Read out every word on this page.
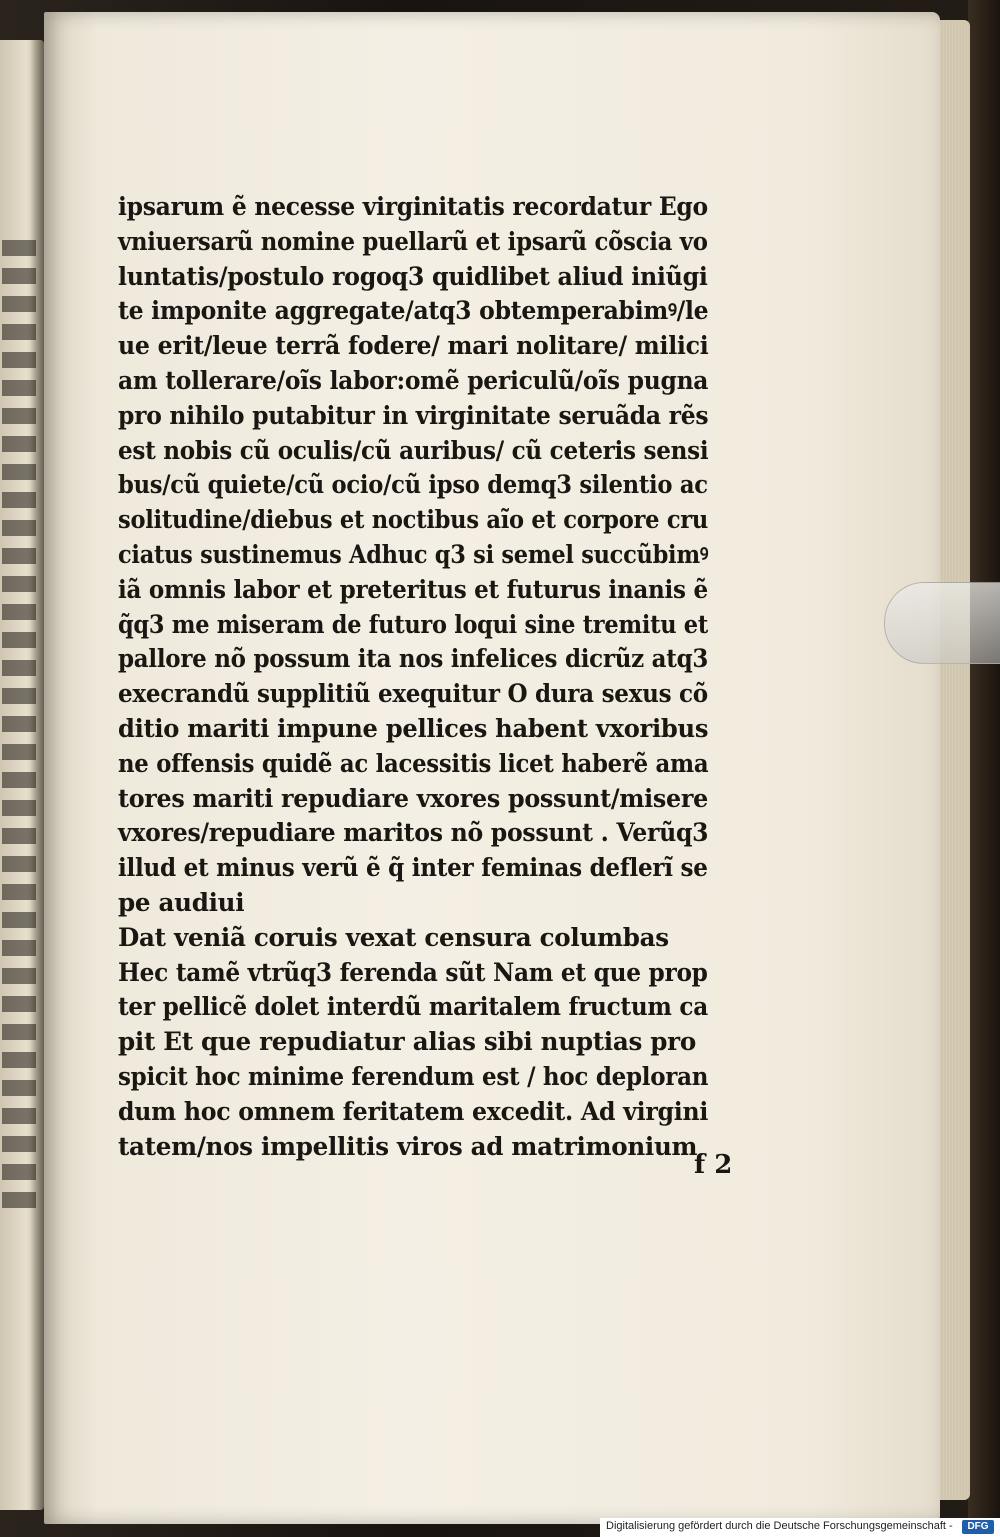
ipsarum ẽ necesse virginitatis recordatur Ego
vniuersarũ nomine puellarũ et ipsarũ cõscia vo
luntatis/postulo rogoq3 quidlibet aliud iniũgi
te imponite aggregate/atq3 obtemperabimꝰ/le
ue erit/leue terrã fodere/ mari nolitare/ milici
am tollerare/oĩs labor:omẽ periculũ/oĩs pugna
pro nihilo putabitur in virginitate seruãda rẽs
est nobis cũ oculis/cũ auribus/ cũ ceteris sensi
bus/cũ quiete/cũ ocio/cũ ipso demq3 silentio ac
solitudine/diebus et noctibus aĩo et corpore cru
ciatus sustinemus Adhuc q3 si semel succũbimꝰ
iã omnis labor et preteritus et futurus inanis ẽ
q̃q3 me miseram de futuro loqui sine tremitu et
pallore nõ possum ita nos infelices dicrũz atq3
execrandũ supplitiũ exequitur O dura sexus cõ
ditio mariti impune pellices habent vxoribus
ne offensis quidẽ ac lacessitis licet haberẽ ama
tores mariti repudiare vxores possunt/misere
vxores/repudiare maritos nõ possunt . Verũq3
illud et minus verũ ẽ q̃ inter feminas deflerĩ se
pe audiui
Dat veniã coruis vexat censura columbas
Hec tamẽ vtrũq3 ferenda sũt Nam et que prop
ter pellicẽ dolet interdũ maritalem fructum ca
pit Et que repudiatur alias sibi nuptias pro
spicit hoc minime ferendum est / hoc deploran
dum hoc omnem feritatem excedit. Ad virgini
tatem/nos impellitis viros ad matrimonium
f 2
Digitalisierung gefördert durch die Deutsche Forschungsgemeinschaft -	DFG
